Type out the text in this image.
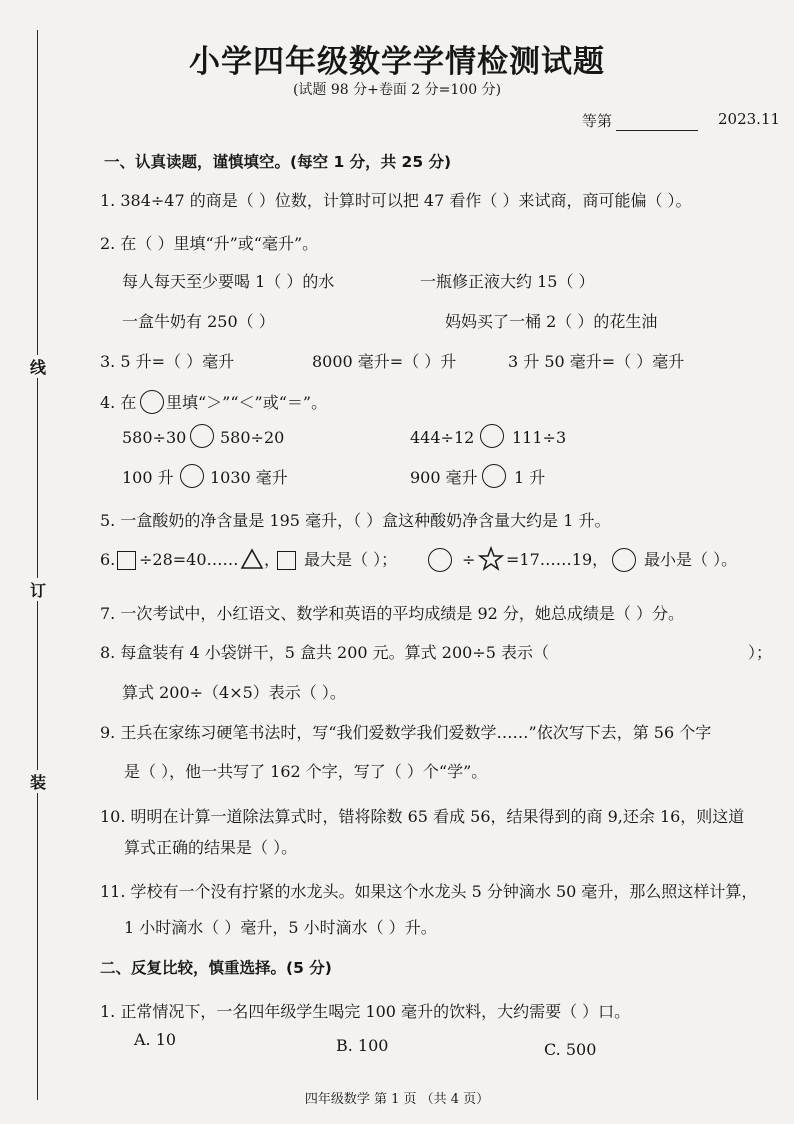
线
订
装
小学四年级数学学情检测试题
(试题 98 分+卷面 2 分=100 分)
等第	2023.11
一、认真读题，谨慎填空。(每空 1 分，共 25 分)
1. 384÷47 的商是（ ）位数，计算时可以把 47 看作（ ）来试商，商可能偏（ ）。
2. 在（ ）里填“升”或“毫升”。
每人每天至少要喝 1（ ）的水	一瓶修正液大约 15（ ）
一盒牛奶有 250（ ）	妈妈买了一桶 2（ ）的花生油
3. 5 升=（ ）毫升	8000 毫升=（ ）升	3 升 50 毫升=（ ）毫升
4. 在 里填“＞”“＜”或“＝”。
580÷30 580÷20	444÷12 111÷3
100 升 1030 毫升	900 毫升 1 升
5. 一盒酸奶的净含量是 195 毫升，（ ）盒这种酸奶净含量大约是 1 升。
6. ÷28=40…… ， 最大是（ ）；	÷ =17……19， 最小是（ ）。
7. 一次考试中，小红语文、数学和英语的平均成绩是 92 分，她总成绩是（ ）分。
8. 每盒装有 4 小袋饼干，5 盒共 200 元。算式 200÷5 表示（	）；
算式 200÷（4×5）表示（ ）。
9. 王兵在家练习硬笔书法时，写“我们爱数学我们爱数学……”依次写下去，第 56 个字
是（ ），他一共写了 162 个字，写了（ ）个“学”。
10. 明明在计算一道除法算式时，错将除数 65 看成 56，结果得到的商 9,还余 16，则这道
算式正确的结果是（ ）。
11. 学校有一个没有拧紧的水龙头。如果这个水龙头 5 分钟滴水 50 毫升，那么照这样计算，
1 小时滴水（ ）毫升，5 小时滴水（ ）升。
二、反复比较，慎重选择。(5 分)
1. 正常情况下，一名四年级学生喝完 100 毫升的饮料，大约需要（ ）口。
A. 10	B. 100	C. 500
四年级数学 第 1 页 （共 4 页）
